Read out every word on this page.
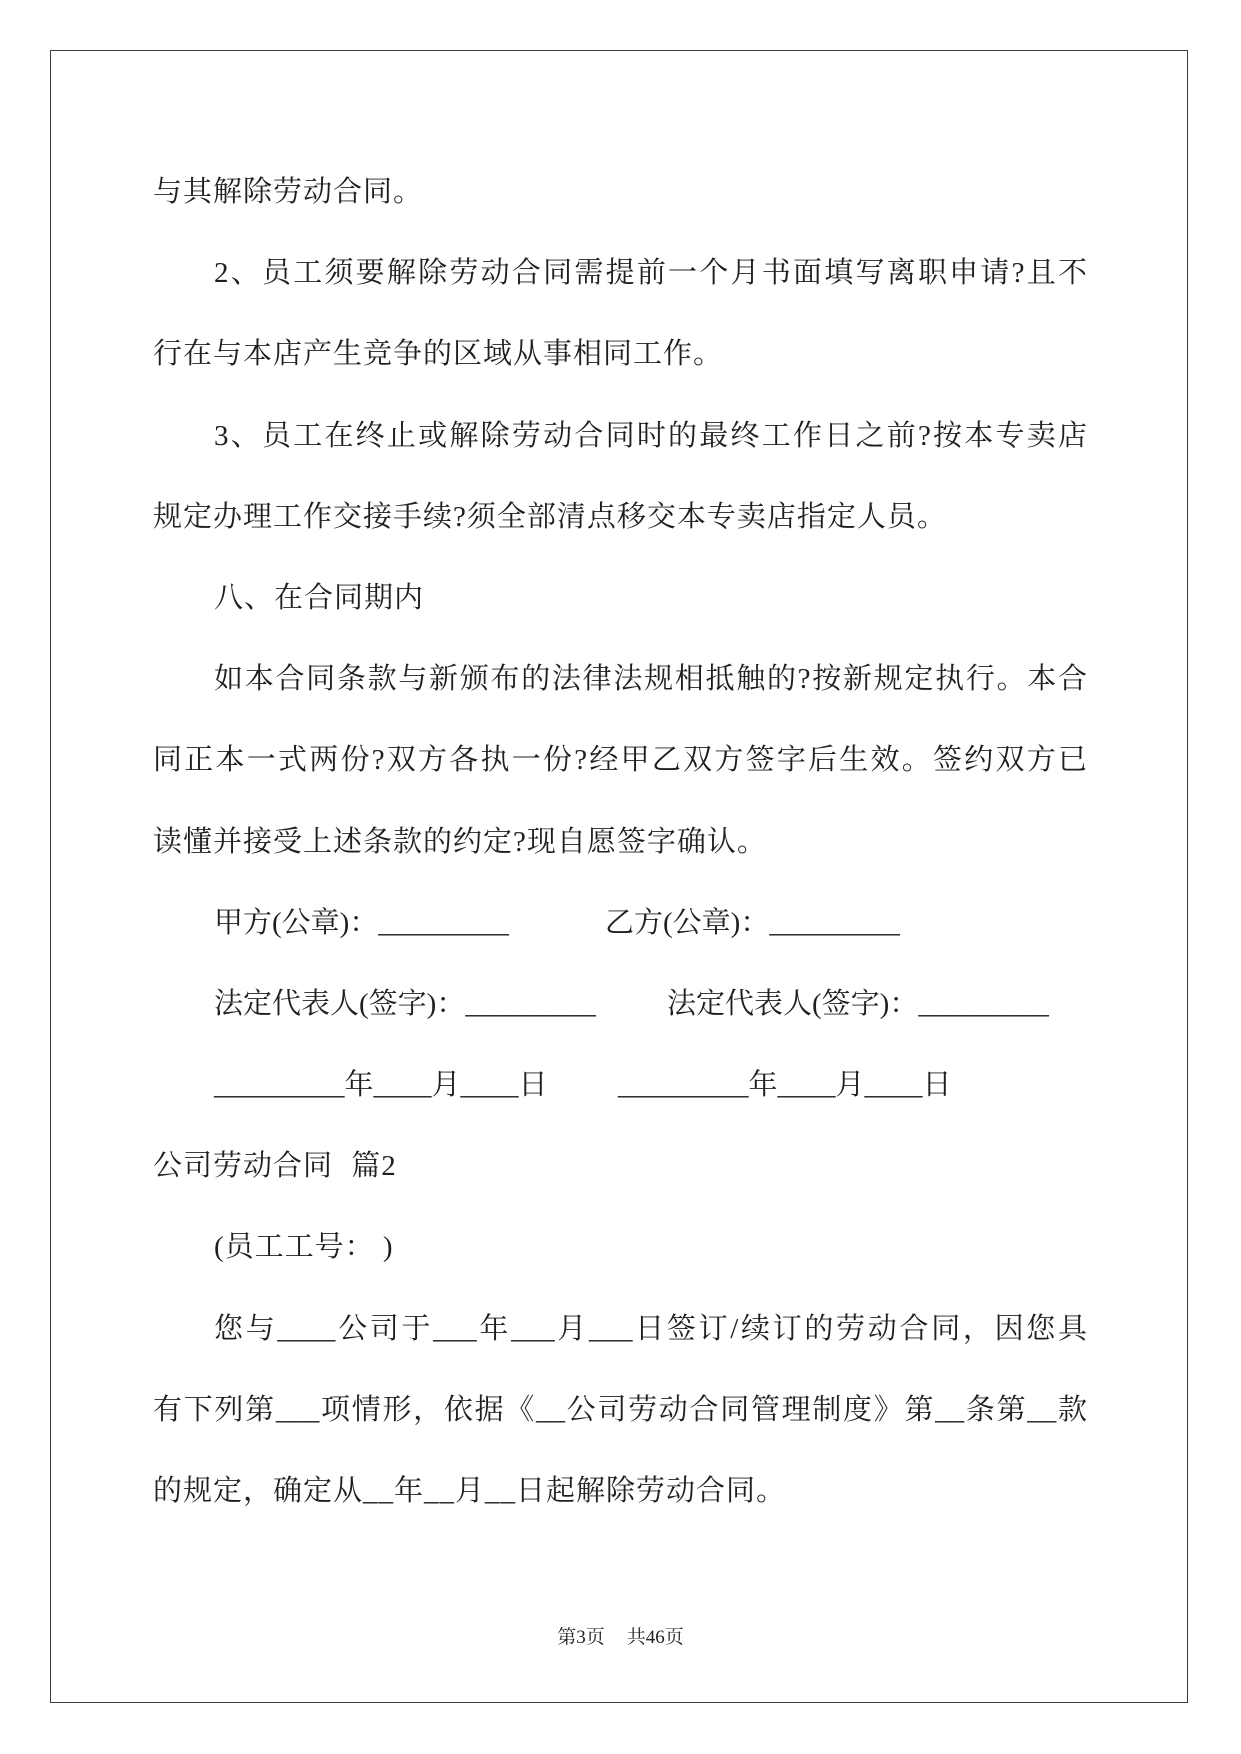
与其解除劳动合同。
2、员工须要解除劳动合同需提前一个月书面填写离职申请?且不
行在与本店产生竞争的区域从事相同工作。
3、员工在终止或解除劳动合同时的最终工作日之前?按本专卖店
规定办理工作交接手续?须全部清点移交本专卖店指定人员。
八、在合同期内
如本合同条款与新颁布的法律法规相抵触的?按新规定执行。本合
同正本一式两份?双方各执一份?经甲乙双方签字后生效。签约双方已
读懂并接受上述条款的约定?现自愿签字确认。
甲方(公章)：_________	乙方(公章)：_________
法定代表人(签字)：_________ 法定代表人(签字)：_________
_________年____月____日 _________年____月____日
公司劳动合同 篇2
(员工工号： )
您与____公司于___年___月___日签订/续订的劳动合同，因您具
有下列第___项情形，依据《__公司劳动合同管理制度》第__条第__款
的规定，确定从__年__月__日起解除劳动合同。
第3页 共46页
